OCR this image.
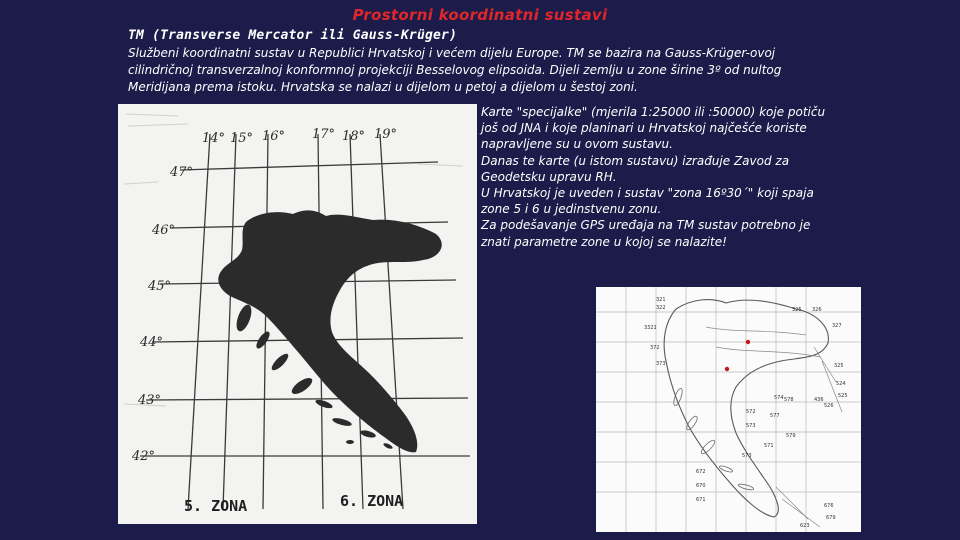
Prostorni koordinatni sustavi
TM (Transverse Mercator ili Gauss-Krüger)
Službeni koordinatni sustav u Republici Hrvatskoj i većem dijelu Europe. TM se bazira na Gauss-Krüger-ovoj cilindričnoj transverzalnoj konformnoj projekciji Besselovog elipsoida. Dijeli zemlju u zone širine 3º od nultog Meridijana prema istoku. Hrvatska se nalazi u dijelom u petoj a dijelom u šestoj zoni.

Karte "specijalke" (mjerila 1:25000 ili :50000) koje potiču još od JNA i koje planinari u Hrvatskoj najčešće koriste napravljene su u ovom sustavu.

Danas te karte (u istom sustavu) izrađuje Zavod za Geodetsku upravu RH.

U Hrvatskoj je uveden i sustav "zona 16º30´" koji spaja zone 5 i 6 u jedinstvenu zonu.

Za podešavanje GPS uređaja na TM sustav potrebno je znati parametre zone u kojoj se nalazite!

14° 15° 16° 17° 18° 19°
47°
46°
45°
44°
43°
42°
5. ZONA	6. ZONA
321
322
3321
372
373
325 326
327
325
524
525
526
572
574 578	436
573
577
579
571
573
672
670
676
679
671
623
